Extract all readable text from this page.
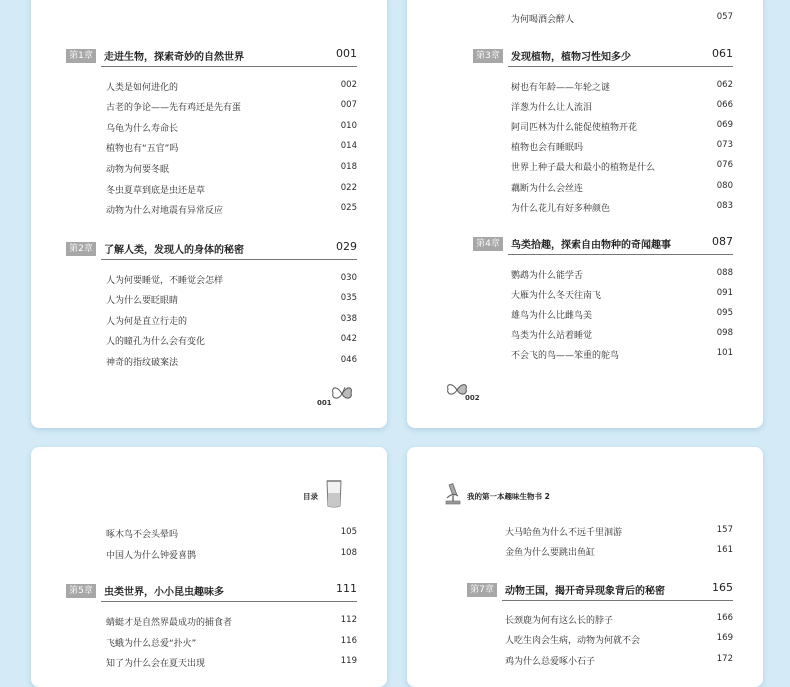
第1章	走进生物，探索奇妙的自然世界	001
人类是如何进化的	002
古老的争论——先有鸡还是先有蛋	007
乌龟为什么寿命长	010
植物也有“五官”吗	014
动物为何要冬眠	018
冬虫夏草到底是虫还是草	022
动物为什么对地震有异常反应	025
第2章	了解人类，发现人的身体的秘密	029
人为何要睡觉，不睡觉会怎样	030
人为什么要眨眼睛	035
人为何是直立行走的	038
人的瞳孔为什么会有变化	042
神奇的指纹破案法	046
001

为何喝酒会醉人	057
第3章	发现植物，植物习性知多少	061
树也有年龄——年轮之谜	062
洋葱为什么让人流泪	066
阿司匹林为什么能促使植物开花	069
植物也会有睡眠吗	073
世界上种子最大和最小的植物是什么	076
藕断为什么会丝连	080
为什么花儿有好多种颜色	083
第4章	鸟类拾趣，探索自由物种的奇闻趣事	087
鹦鹉为什么能学舌	088
大雁为什么冬天往南飞	091
雄鸟为什么比雌鸟美	095
鸟类为什么站着睡觉	098
不会飞的鸟——笨重的鸵鸟	101
002
目录
啄木鸟不会头晕吗	105
中国人为什么钟爱喜鹊	108
第5章	虫类世界，小小昆虫趣味多	111
蜻蜓才是自然界最成功的捕食者	112
飞蛾为什么总爱“扑火”	116
知了为什么会在夏天出现	119
我的第一本趣味生物书 2
大马哈鱼为什么不远千里洄游	157
金鱼为什么要跳出鱼缸	161
第7章	动物王国，揭开奇异现象背后的秘密	165
长颈鹿为何有这么长的脖子	166
人吃生肉会生病，动物为何就不会	169
鸡为什么总爱啄小石子	172
